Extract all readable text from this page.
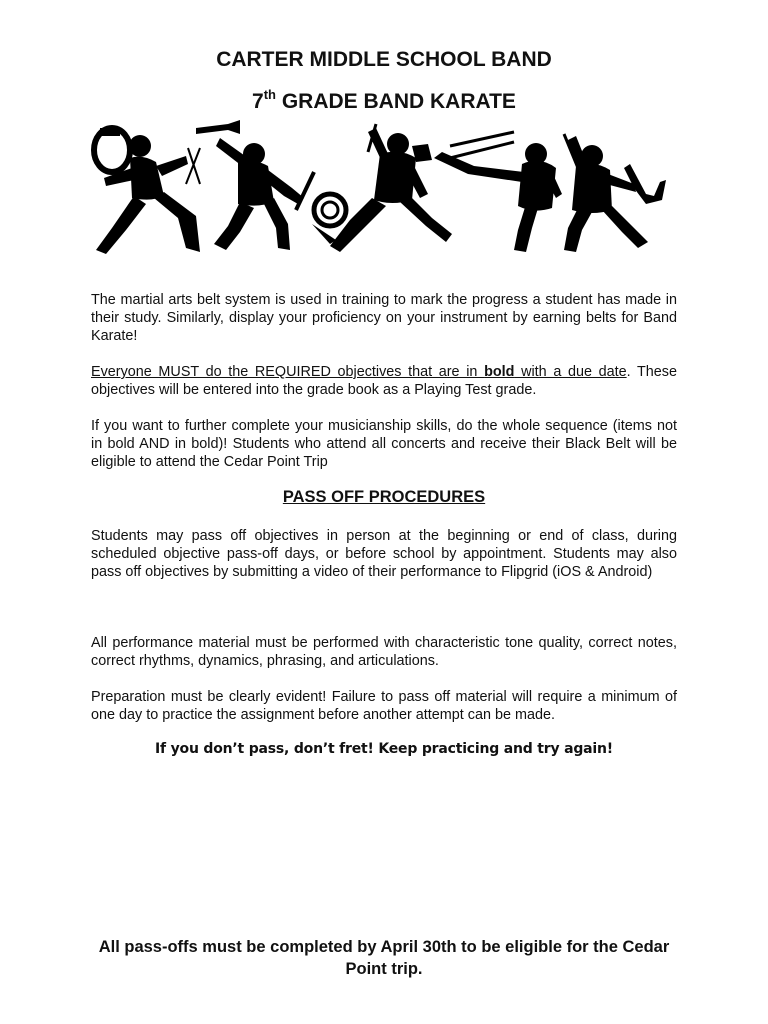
CARTER MIDDLE SCHOOL BAND
7th GRADE BAND KARATE

The martial arts belt system is used in training to mark the progress a student has made in their study. Similarly, display your proficiency on your instrument by earning belts for Band Karate!

Everyone MUST do the REQUIRED objectives that are in bold with a due date. These objectives will be entered into the grade book as a Playing Test grade.

If you want to further complete your musicianship skills, do the whole sequence (items not in bold AND in bold)! Students who attend all concerts and receive their Black Belt will be eligible to attend the Cedar Point Trip

PASS OFF PROCEDURES

Students may pass off objectives in person at the beginning or end of class, during scheduled objective pass-off days, or before school by appointment. Students may also pass off objectives by submitting a video of their performance to Flipgrid (iOS & Android)

All performance material must be performed with characteristic tone quality, correct notes, correct rhythms, dynamics, phrasing, and articulations.

Preparation must be clearly evident! Failure to pass off material will require a minimum of one day to practice the assignment before another attempt can be made.

If you don’t pass, don’t fret! Keep practicing and try again!
All pass-offs must be completed by April 30th to be eligible for the Cedar Point trip.
